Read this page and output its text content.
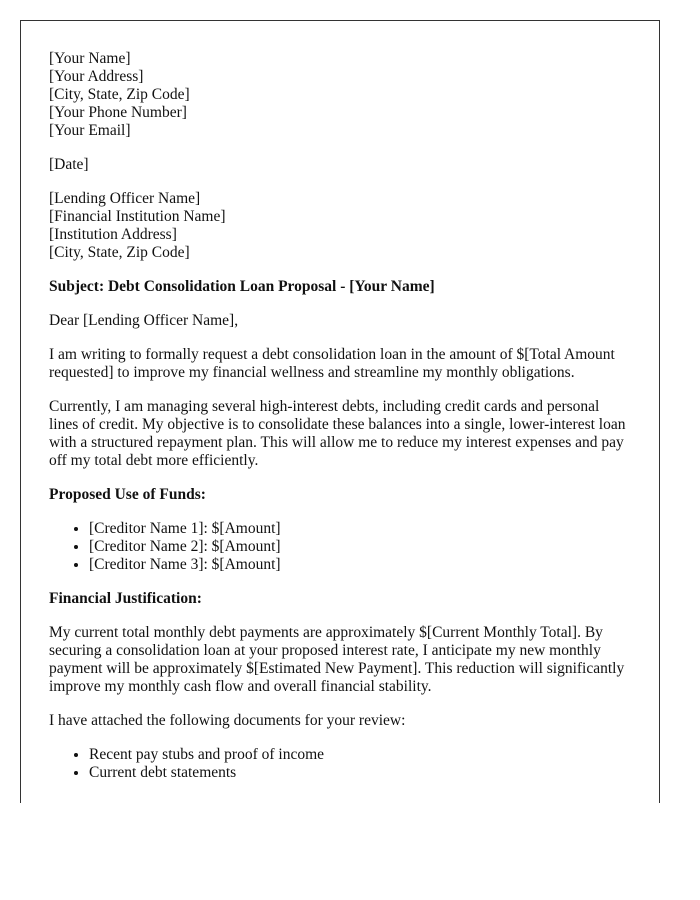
[Your Name]
[Your Address]
[City, State, Zip Code]
[Your Phone Number]
[Your Email]

[Date]

[Lending Officer Name]
[Financial Institution Name]
[Institution Address]
[City, State, Zip Code]

Subject: Debt Consolidation Loan Proposal - [Your Name]

Dear [Lending Officer Name],

I am writing to formally request a debt consolidation loan in the amount of $[Total Amount requested] to improve my financial wellness and streamline my monthly obligations.

Currently, I am managing several high-interest debts, including credit cards and personal lines of credit. My objective is to consolidate these balances into a single, lower-interest loan with a structured repayment plan. This will allow me to reduce my interest expenses and pay off my total debt more efficiently.

Proposed Use of Funds:

• [Creditor Name 1]: $[Amount]
• [Creditor Name 2]: $[Amount]
• [Creditor Name 3]: $[Amount]

Financial Justification:

My current total monthly debt payments are approximately $[Current Monthly Total]. By securing a consolidation loan at your proposed interest rate, I anticipate my new monthly payment will be approximately $[Estimated New Payment]. This reduction will significantly improve my monthly cash flow and overall financial stability.

I have attached the following documents for your review:

• Recent pay stubs and proof of income
• Current debt statements
